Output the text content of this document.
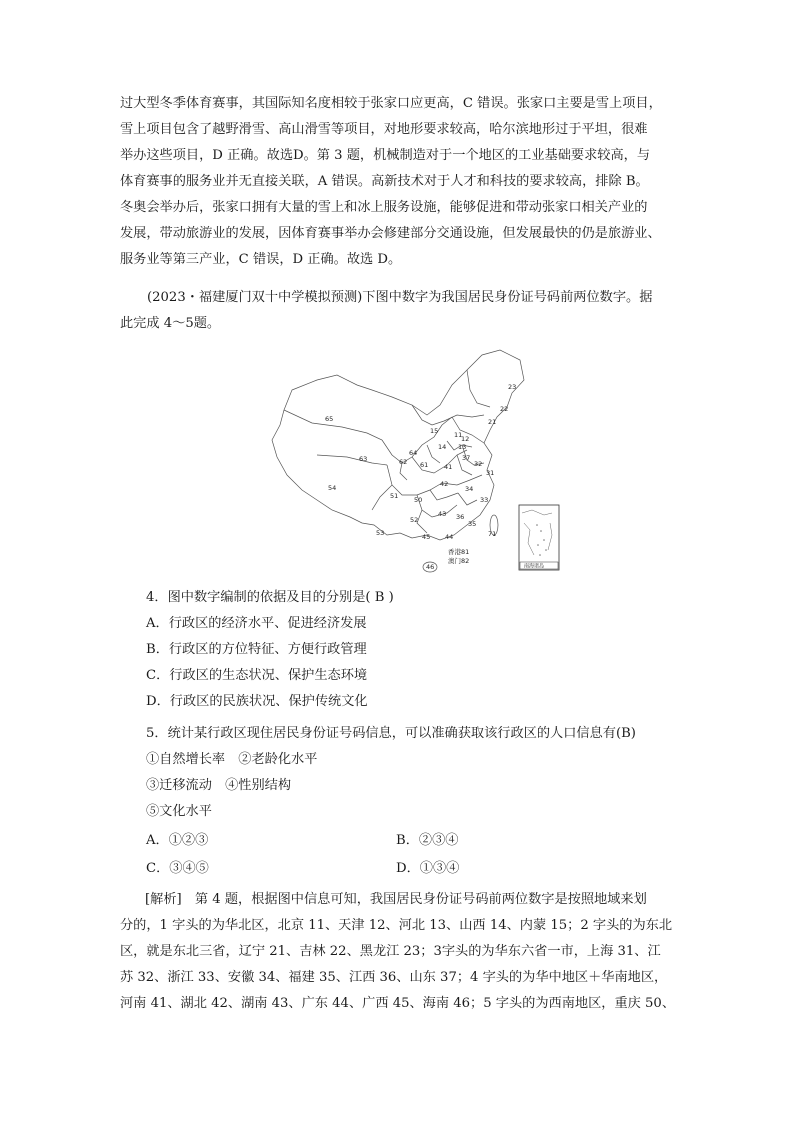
过大型冬季体育赛事，其国际知名度相较于张家口应更高，C 错误。张家口主要是雪上项目，
雪上项目包含了越野滑雪、高山滑雪等项目，对地形要求较高，哈尔滨地形过于平坦，很难
举办这些项目，D 正确。故选D。第 3 题，机械制造对于一个地区的工业基础要求较高，与
体育赛事的服务业并无直接关联，A 错误。高新技术对于人才和科技的要求较高，排除 B。
冬奥会举办后，张家口拥有大量的雪上和冰上服务设施，能够促进和带动张家口相关产业的
发展，带动旅游业的发展，因体育赛事举办会修建部分交通设施，但发展最快的仍是旅游业、
服务业等第三产业，C 错误，D 正确。故选 D。
(2023・福建厦门双十中学模拟预测)下图中数字为我国居民身份证号码前两位数字。据
此完成 4～5题。
南海诸岛
65
23
22
21
15 11
12
13
14
37
64
62
63
61 41	32
31
54
51 50
42
34
33
52
43 36
35
53	45 44	71
46
香港81
澳门82
4．图中数字编制的依据及目的分别是( B )
A．行政区的经济水平、促进经济发展
B．行政区的方位特征、方便行政管理
C．行政区的生态状况、保护生态环境
D．行政区的民族状况、保护传统文化
5．统计某行政区现住居民身份证号码信息，可以准确获取该行政区的人口信息有(B)
①自然增长率　②老龄化水平
③迁移流动　④性别结构
⑤文化水平
A．①②③	B．②③④
C．③④⑤	D．①③④
[解析]　第 4 题，根据图中信息可知，我国居民身份证号码前两位数字是按照地域来划
分的，1 字头的为华北区，北京 11、天津 12、河北 13、山西 14、内蒙 15；2 字头的为东北
区，就是东北三省，辽宁 21、吉林 22、黑龙江 23；3字头的为华东六省一市，上海 31、江
苏 32、浙江 33、安徽 34、福建 35、江西 36、山东 37；4 字头的为华中地区＋华南地区，
河南 41、湖北 42、湖南 43、广东 44、广西 45、海南 46；5 字头的为西南地区，重庆 50、
